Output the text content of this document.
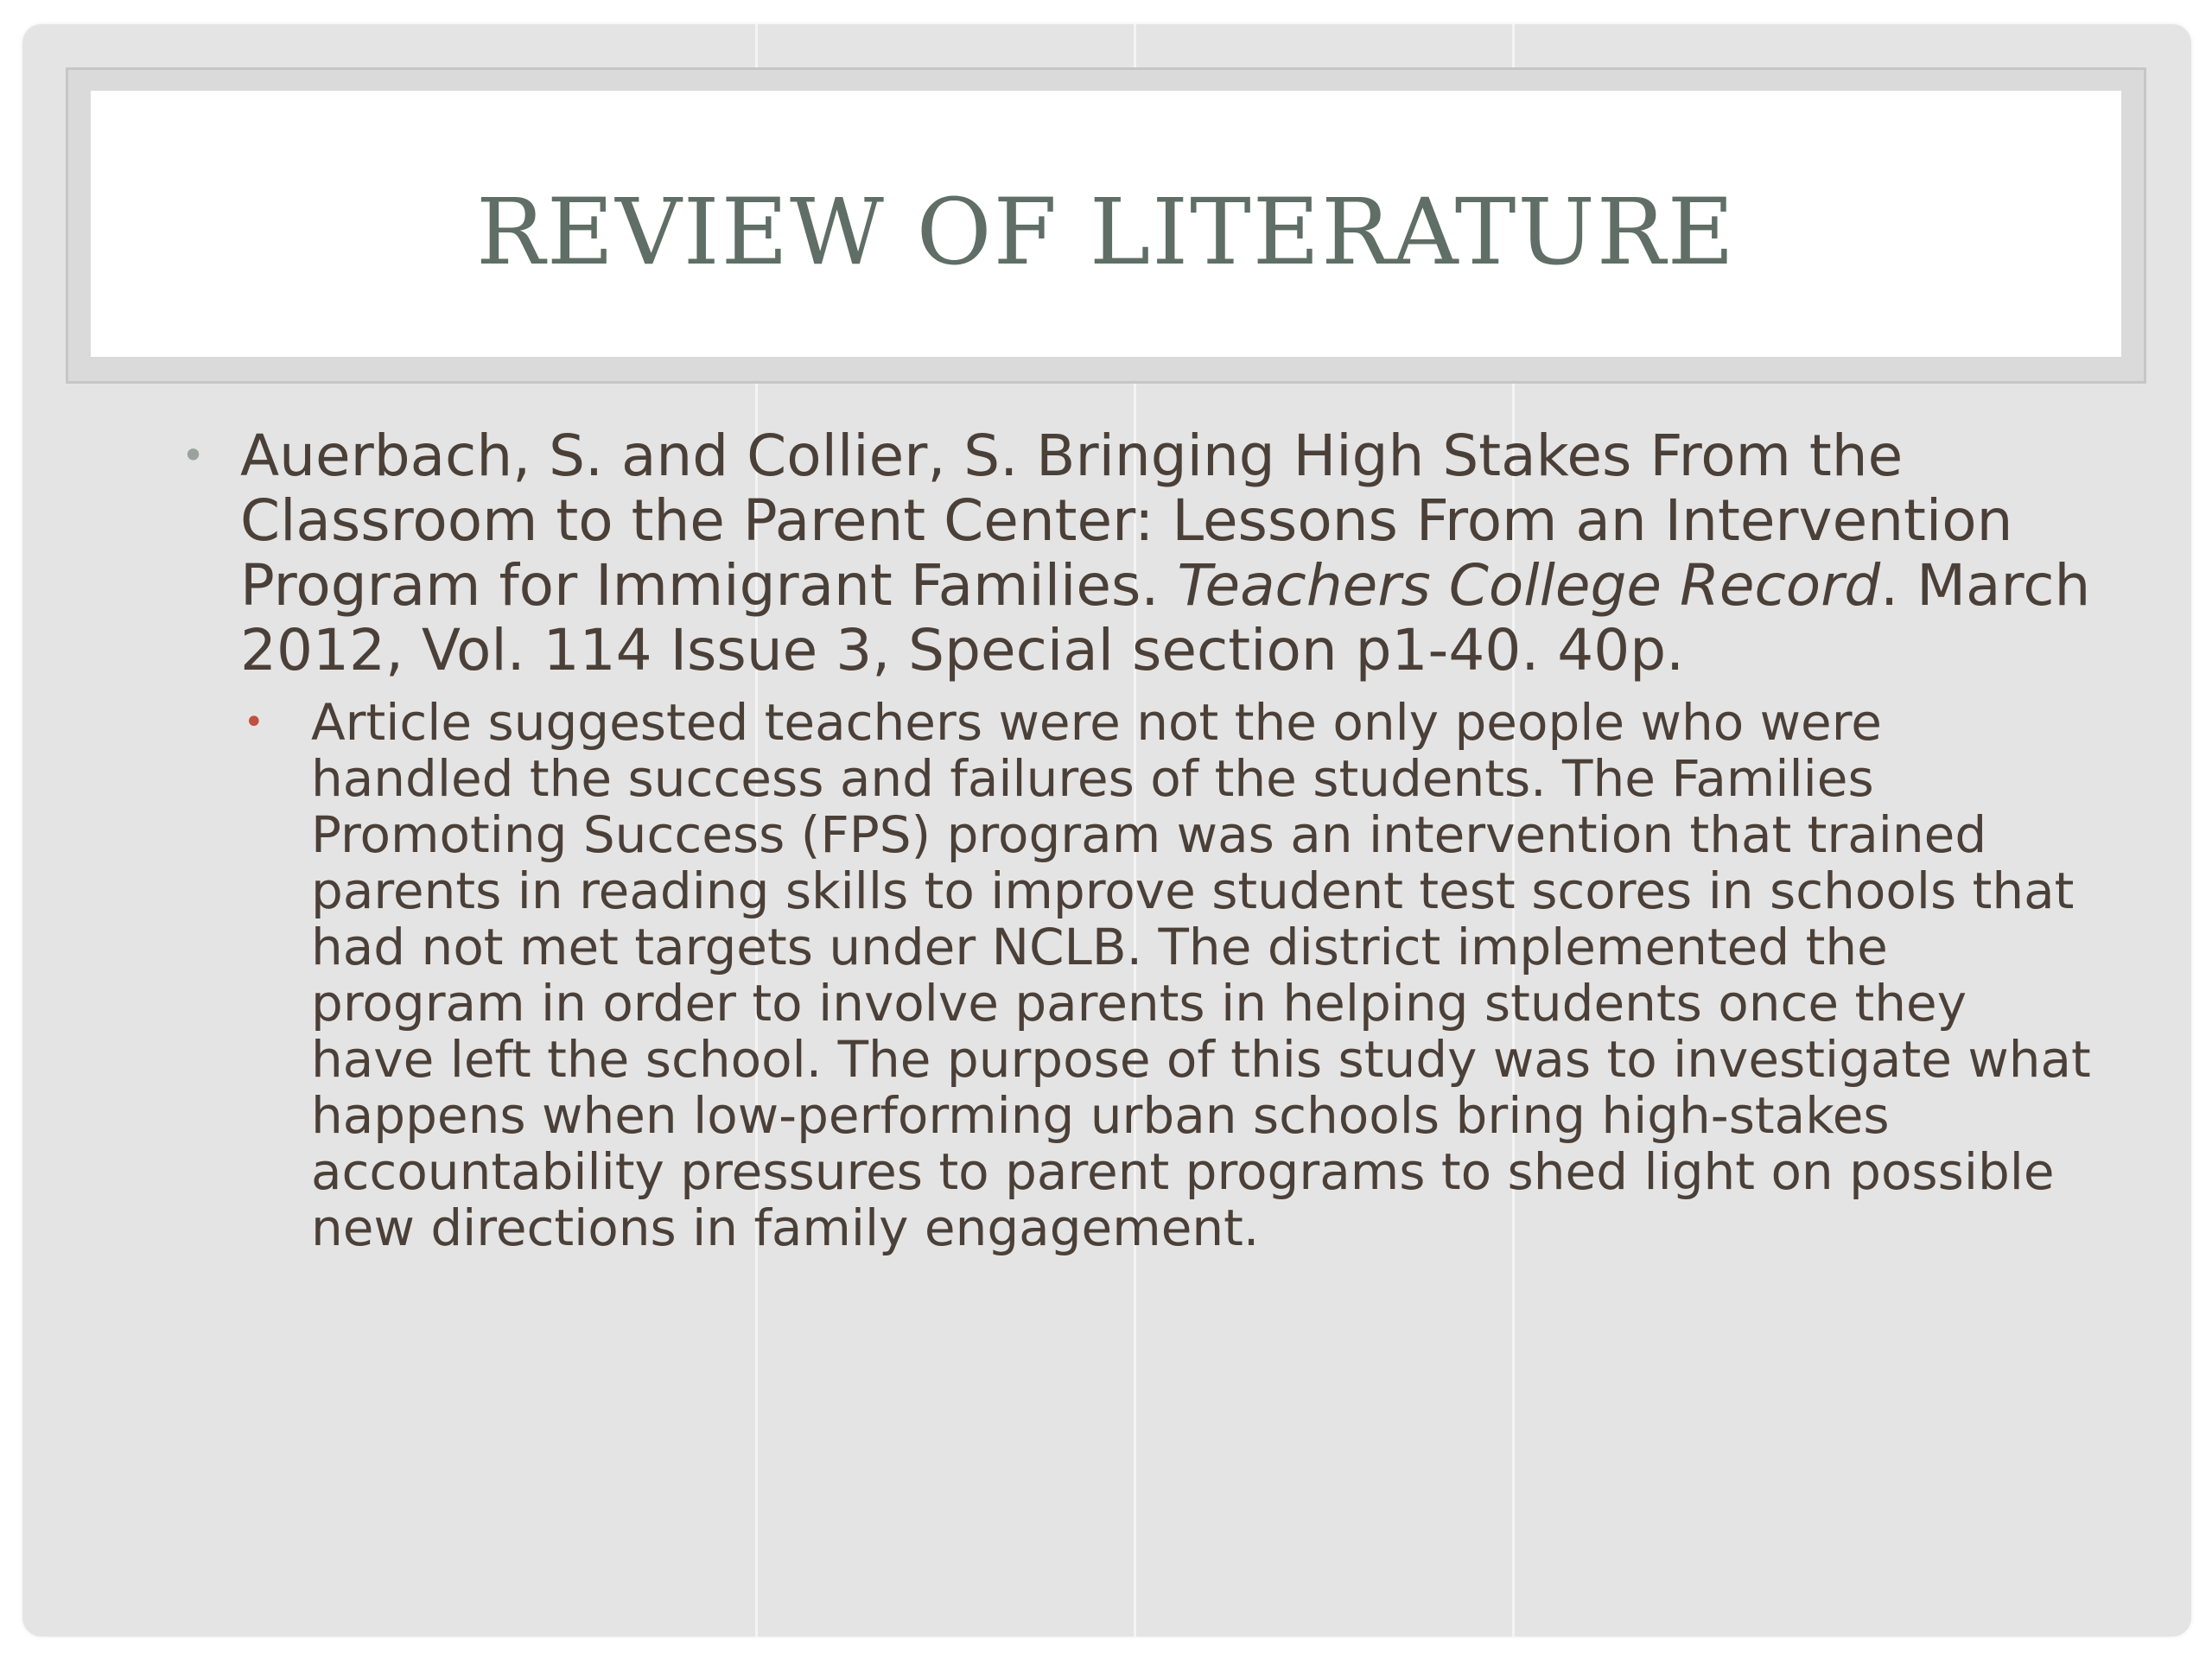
REVIEW OF LITERATURE
• Auerbach, S. and Collier, S. Bringing High Stakes From the Classroom to the Parent Center: Lessons From an Intervention Program for Immigrant Families. Teachers College Record. March 2012, Vol. 114 Issue 3, Special section p1-40. 40p.
• Article suggested teachers were not the only people who were handled the success and failures of the students. The Families Promoting Success (FPS) program was an intervention that trained parents in reading skills to improve student test scores in schools that had not met targets under NCLB. The district implemented the program in order to involve parents in helping students once they have left the school. The purpose of this study was to investigate what happens when low-performing urban schools bring high-stakes accountability pressures to parent programs to shed light on possible new directions in family engagement.
